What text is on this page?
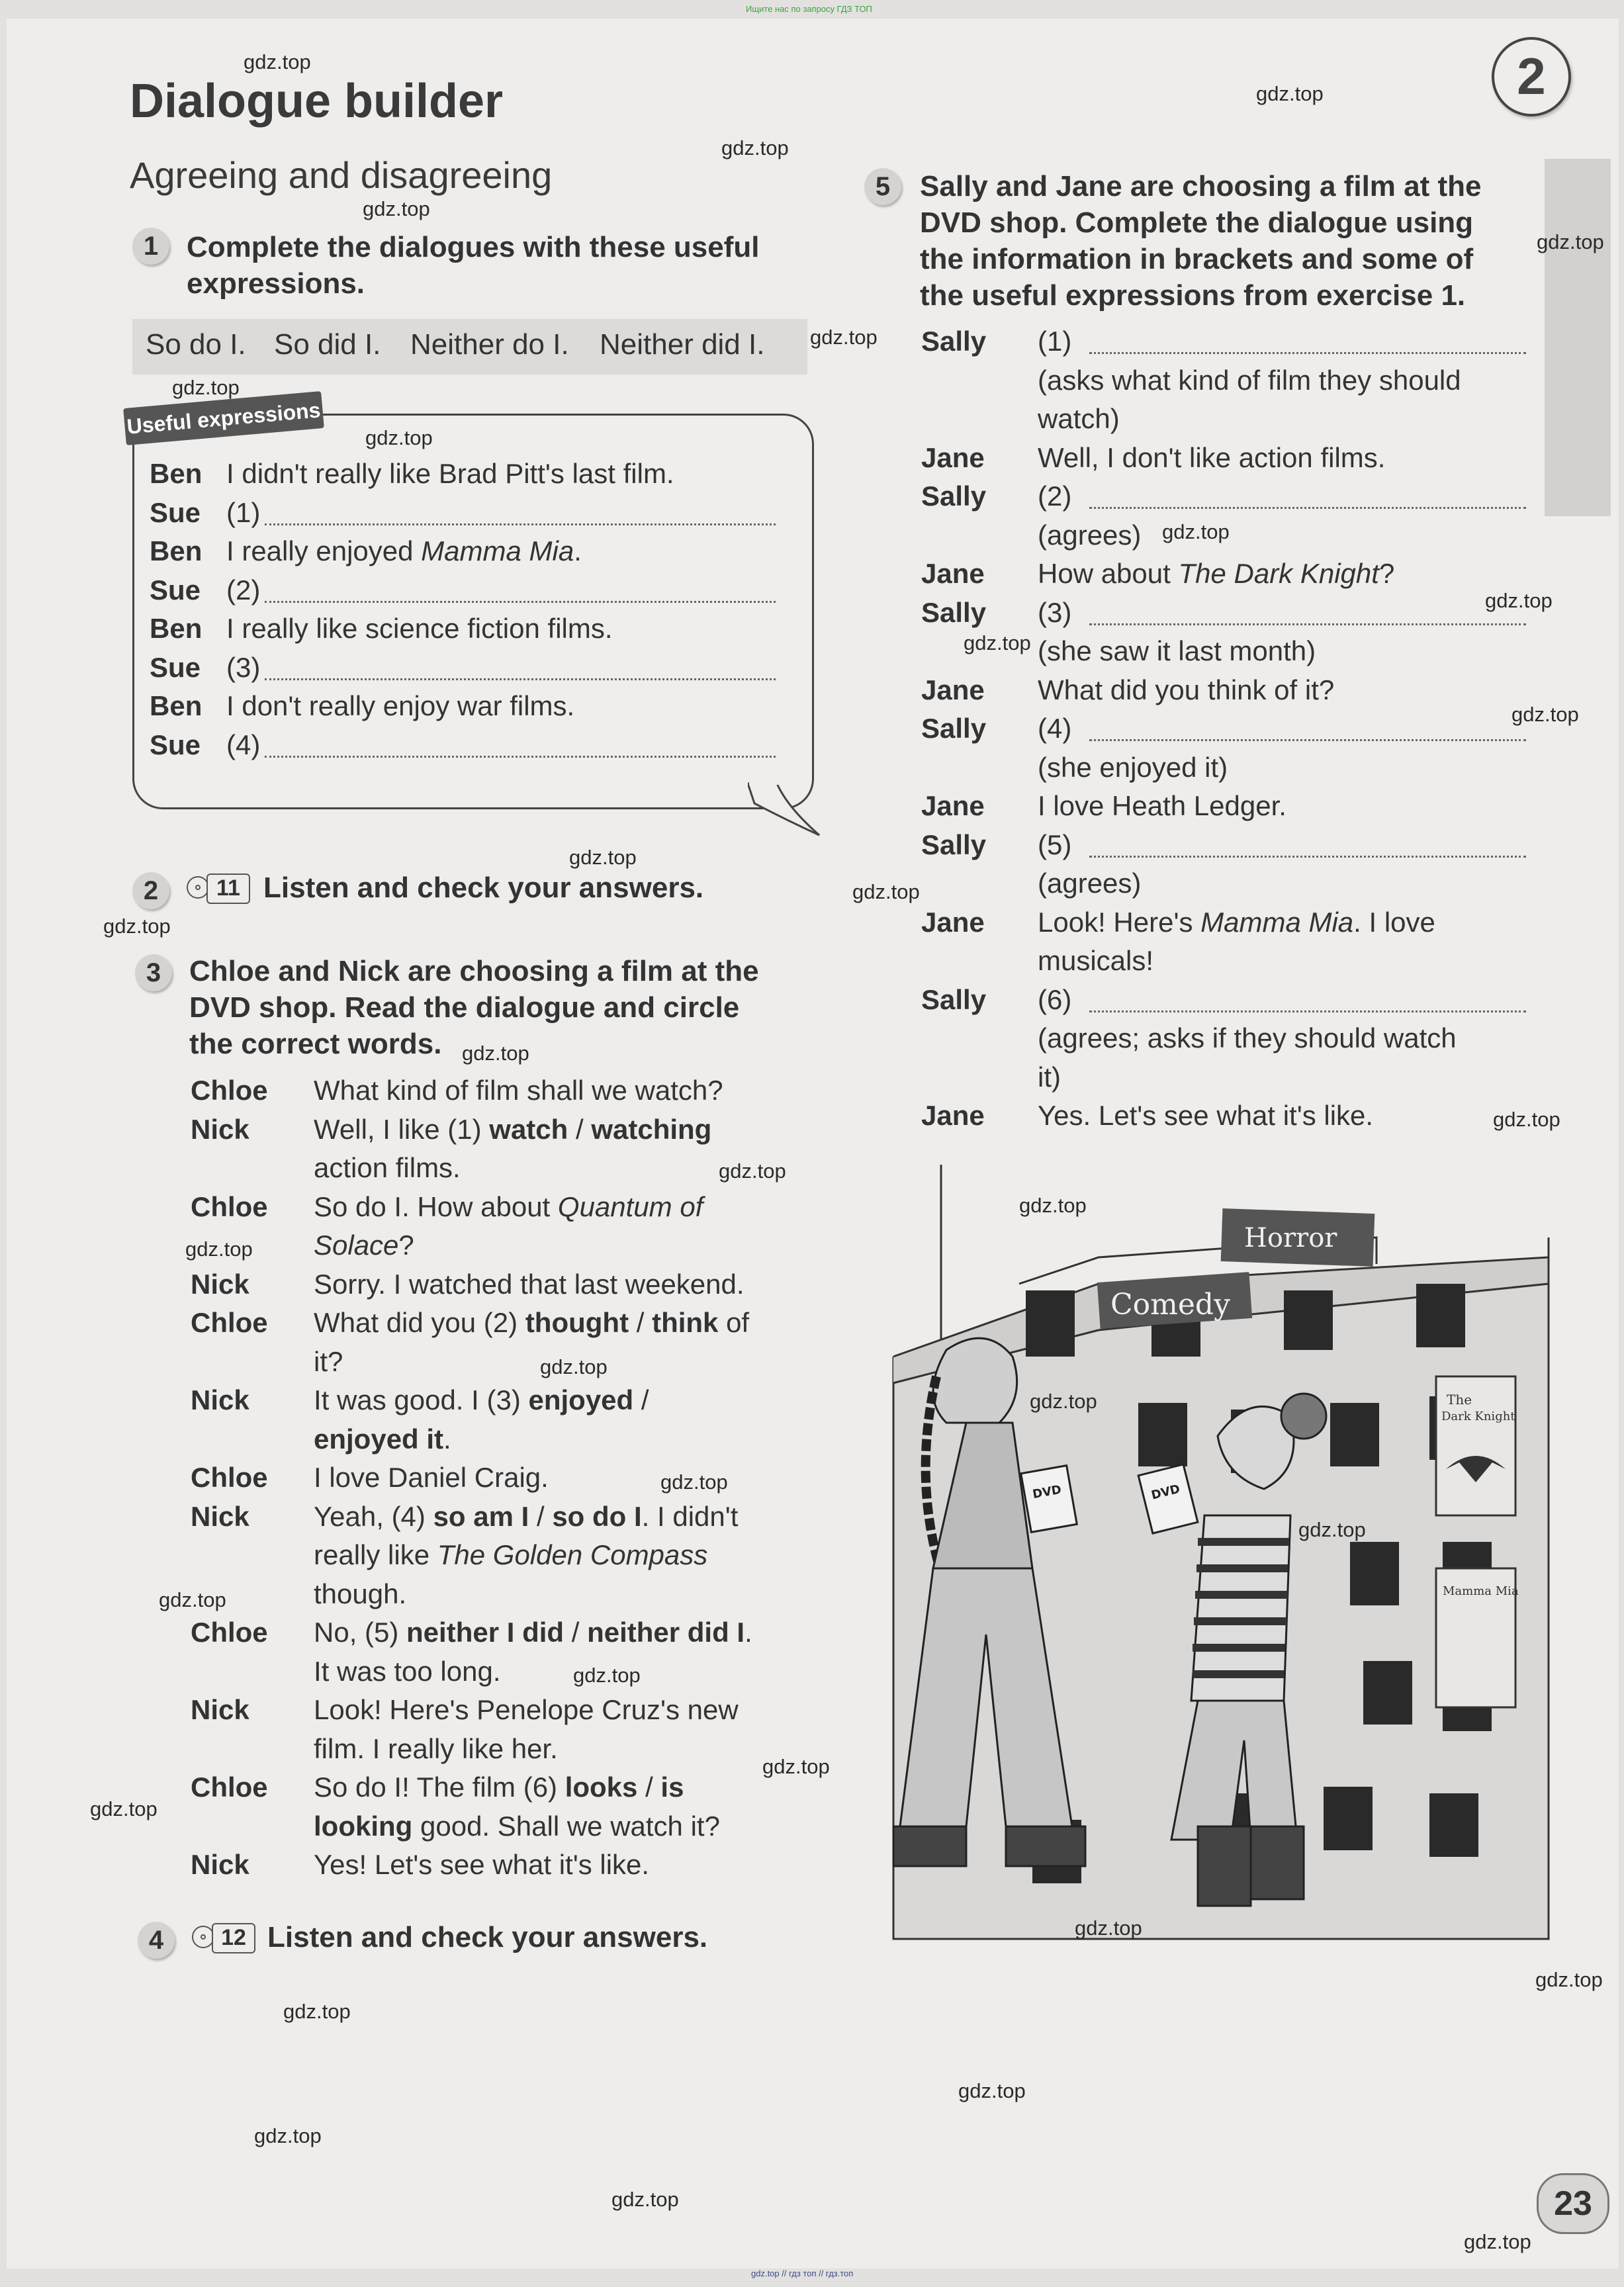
Ищите нас по запросу ГДЗ ТОП
gdz.top // гдз топ // гдз.топ
2
Dialogue builder
Agreeing and disagreeing
1 Complete the dialogues with these useful
expressions.
So do I. So did I. Neither do I. Neither did I.
Useful expressions
Ben I didn't really like Brad Pitt's last film.
Sue (1)
Ben I really enjoyed Mamma Mia.
Sue (2)
Ben I really like science fiction films.
Sue (3)
Ben I don't really enjoy war films.
Sue (4)
2	11 Listen and check your answers.
3 Chloe and Nick are choosing a film at the
DVD shop. Read the dialogue and circle
the correct words.
Chloe What kind of film shall we watch?
Nick Well, I like (1) watch / watching
action films.
Chloe So do I. How about Quantum of
Solace?
Nick Sorry. I watched that last weekend.
Chloe What did you (2) thought / think of
it?
Nick It was good. I (3) enjoyed /
enjoyed it.
Chloe I love Daniel Craig.
Nick Yeah, (4) so am I / so do I. I didn't
really like The Golden Compass
though.
Chloe No, (5) neither I did / neither did I.
It was too long.
Nick Look! Here's Penelope Cruz's new
film. I really like her.
Chloe So do I! The film (6) looks / is
looking good. Shall we watch it?
Nick Yes! Let's see what it's like.
4	12 Listen and check your answers.
5	Sally and Jane are choosing a film at the
DVD shop. Complete the dialogue using
the information in brackets and some of
the useful expressions from exercise 1.
Sally (1)
(asks what kind of film they should
watch)
Jane Well, I don't like action films.
Sally (2)
(agrees)
Jane How about The Dark Knight?
Sally (3)
(she saw it last month)
Jane What did you think of it?
Sally (4)
(she enjoyed it)
Jane I love Heath Ledger.
Sally (5)
(agrees)
Jane Look! Here's Mamma Mia. I love
musicals!
Sally (6)
(agrees; asks if they should watch
it)
Jane Yes. Let's see what it's like.
Horror
Comedy
The
Dark Knight
Mamma Mia
DVD	DVD
23
gdz.top
gdz.top
gdz.top
gdz.top
gdz.top
gdz.top
gdz.top
gdz.top
gdz.top
gdz.top
gdz.top
gdz.top
gdz.top
gdz.top
gdz.top
gdz.top
gdz.top
gdz.top
gdz.top
gdz.top
gdz.top
gdz.top
gdz.top
gdz.top
gdz.top
gdz.top
gdz.top
gdz.top
gdz.top
gdz.top
gdz.top
gdz.top
gdz.top
gdz.top
gdz.top
